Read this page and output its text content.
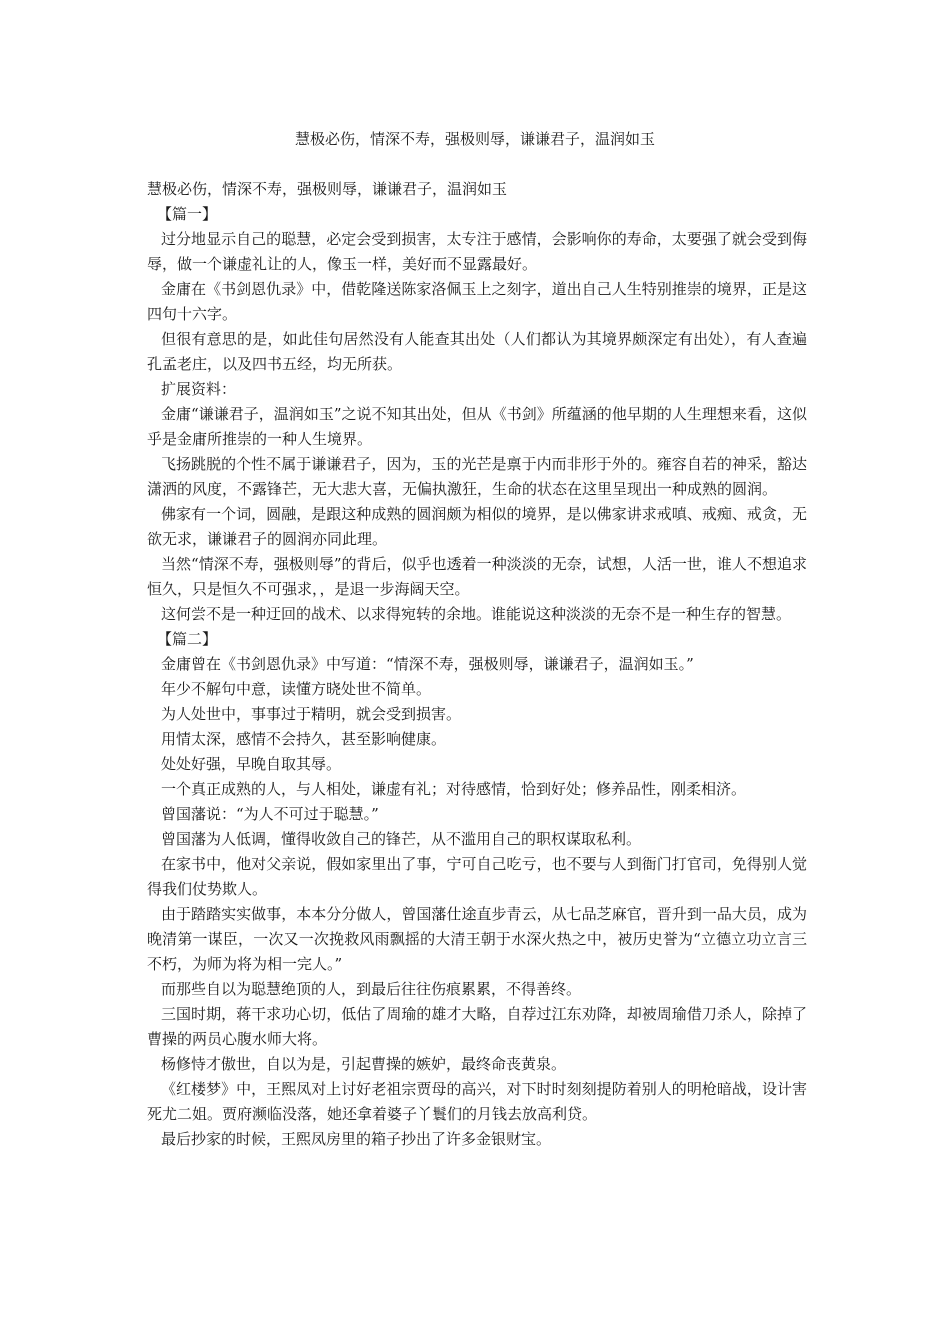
慧极必伤，情深不寿，强极则辱，谦谦君子，温润如玉

慧极必伤，情深不寿，强极则辱，谦谦君子，温润如玉

【篇一】

过分地显示自己的聪慧，必定会受到损害，太专注于感情，会影响你的寿命，太要强了就会受到侮辱，做一个谦虚礼让的人，像玉一样，美好而不显露最好。

金庸在《书剑恩仇录》中，借乾隆送陈家洛佩玉上之刻字，道出自己人生特别推崇的境界，正是这四句十六字。

但很有意思的是，如此佳句居然没有人能查其出处（人们都认为其境界颇深定有出处），有人查遍孔孟老庄，以及四书五经，均无所获。

扩展资料：

金庸“谦谦君子，温润如玉”之说不知其出处，但从《书剑》所蕴涵的他早期的人生理想来看，这似乎是金庸所推崇的一种人生境界。

飞扬跳脱的个性不属于谦谦君子，因为，玉的光芒是禀于内而非形于外的。雍容自若的神采，豁达潇洒的风度，不露锋芒，无大悲大喜，无偏执激狂，生命的状态在这里呈现出一种成熟的圆润。

佛家有一个词，圆融，是跟这种成熟的圆润颇为相似的境界，是以佛家讲求戒嗔、戒痴、戒贪，无欲无求，谦谦君子的圆润亦同此理。

当然“情深不寿，强极则辱”的背后，似乎也透着一种淡淡的无奈，试想，人活一世，谁人不想追求恒久，只是恒久不可强求，，是退一步海阔天空。

这何尝不是一种迂回的战术、以求得宛转的余地。谁能说这种淡淡的无奈不是一种生存的智慧。

【篇二】

金庸曾在《书剑恩仇录》中写道：“情深不寿，强极则辱，谦谦君子，温润如玉。”

年少不解句中意，读懂方晓处世不简单。

为人处世中，事事过于精明，就会受到损害。

用情太深，感情不会持久，甚至影响健康。

处处好强，早晚自取其辱。

一个真正成熟的人，与人相处，谦虚有礼；对待感情，恰到好处；修养品性，刚柔相济。

曾国藩说：“为人不可过于聪慧。”

曾国藩为人低调，懂得收敛自己的锋芒，从不滥用自己的职权谋取私利。

在家书中，他对父亲说，假如家里出了事，宁可自己吃亏，也不要与人到衙门打官司，免得别人觉得我们仗势欺人。

由于踏踏实实做事，本本分分做人，曾国藩仕途直步青云，从七品芝麻官，晋升到一品大员，成为晚清第一谋臣，一次又一次挽救风雨飘摇的大清王朝于水深火热之中，被历史誉为“立德立功立言三不朽，为师为将为相一完人。”

而那些自以为聪慧绝顶的人，到最后往往伤痕累累，不得善终。

三国时期，蒋干求功心切，低估了周瑜的雄才大略，自荐过江东劝降，却被周瑜借刀杀人，除掉了曹操的两员心腹水师大将。

杨修恃才傲世，自以为是，引起曹操的嫉妒，最终命丧黄泉。

《红楼梦》中，王熙凤对上讨好老祖宗贾母的高兴，对下时时刻刻提防着别人的明枪暗战，设计害死尤二姐。贾府濒临没落，她还拿着婆子丫鬟们的月钱去放高利贷。

最后抄家的时候，王熙凤房里的箱子抄出了许多金银财宝。
